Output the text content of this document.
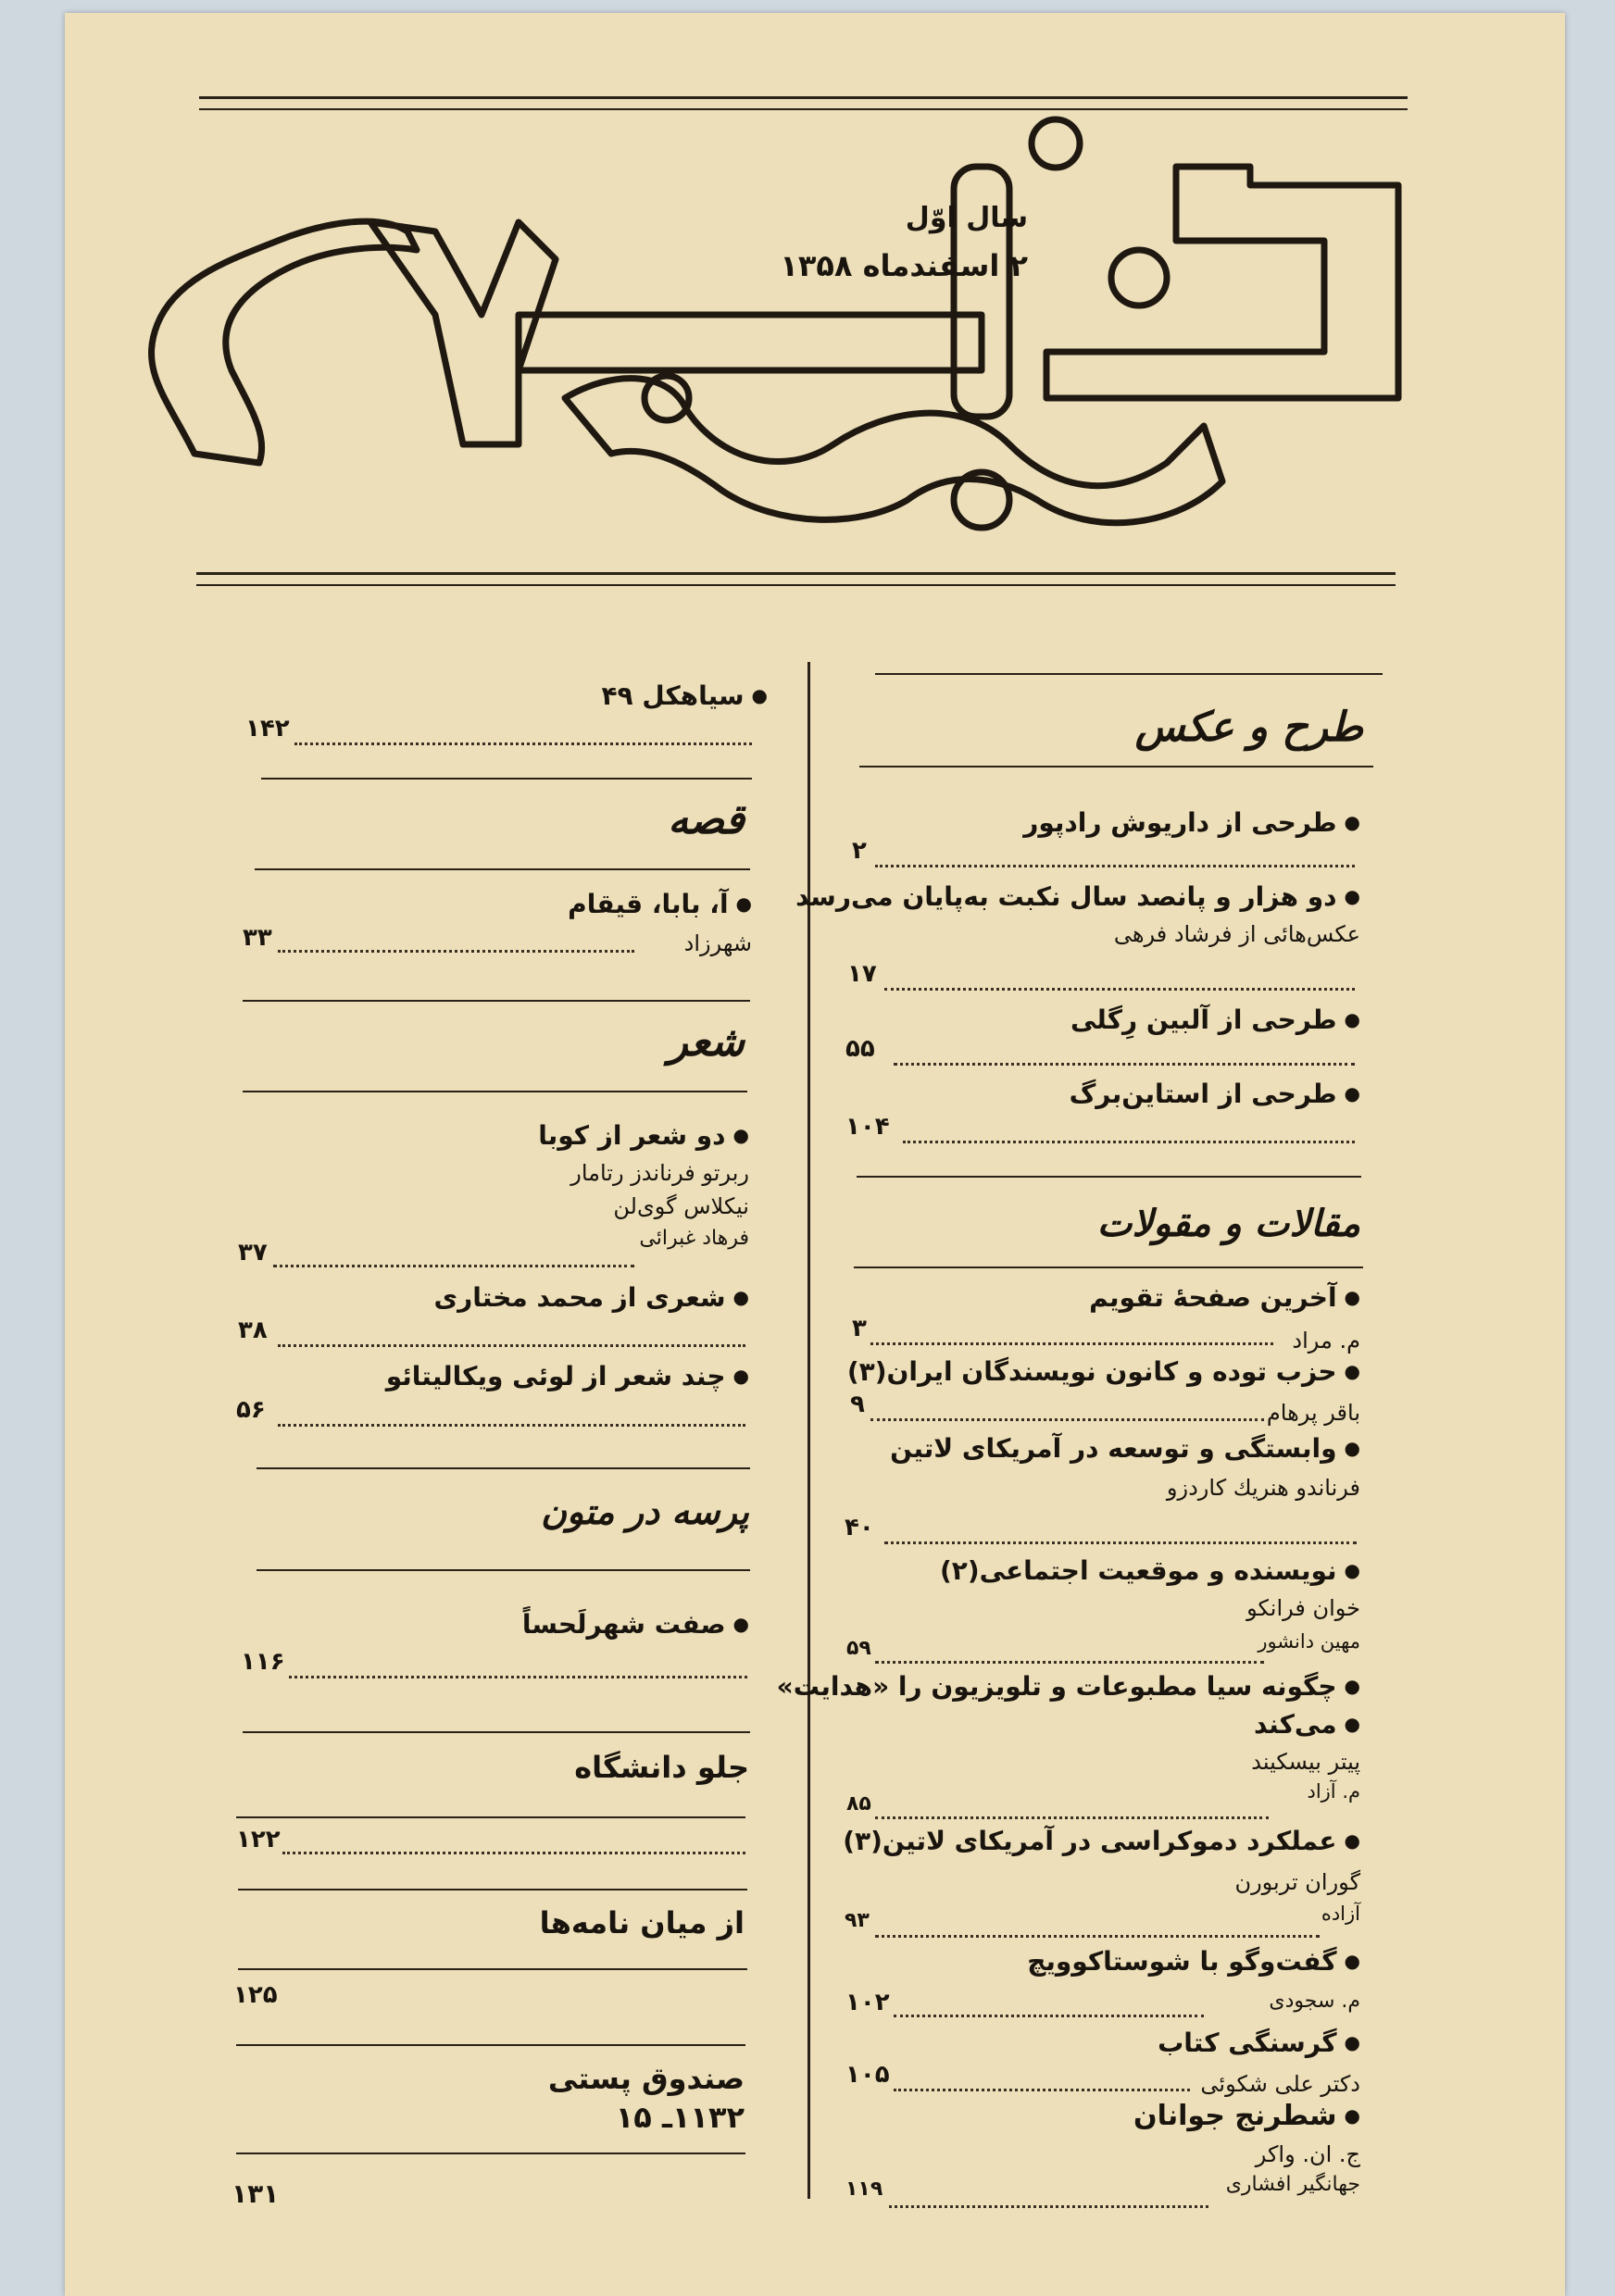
سال اوّل
۲ اسفندماه ۱۳۵۸
طرح و عکس
● طرحی از داریوش رادپور
۲
● دو هزار و پانصد سال نکبت به‌پایان می‌رسد
عکس‌هائی از فرشاد فرهی
۱۷
● طرحی از آلبین رِگلی
۵۵
● طرحی از استاین‌برگ
۱۰۴
مقالات و مقولات
● آخرین صفحهٔ تقویم
م. مراد
۳
● حزب توده و کانون نویسندگان ایران(۳)
باقر پرهام
۹
● وابستگی و توسعه در آمریکای لاتین
فرناندو هنریك کاردزو
۴۰
● نویسنده و موقعیت اجتماعی(۲)
خوان فرانکو
مهین دانشور
۵۹
● چگونه سیا مطبوعات و تلویزیون را «هدایت»
● می‌کند
پیتر بیسکیند
م. آزاد
۸۵
● عملکرد دموکراسی در آمریکای لاتین(۳)
گوران تربورن
آزاده
۹۳
● گفت‌وگو با شوستاکوویچ
م. سجودی
۱۰۲
● گرسنگی کتاب
دکتر علی شکوئی
۱۰۵
● شطرنج جوانان
ج. ان. واکر
جهانگیر افشاری
۱۱۹
● سیاهکل ۴۹
۱۴۲
قصه
● آ، بابا، قیقام
شهرزاد
۳۳
شعر
● دو شعر از کوبا
ربرتو فرناندز رتامار
نیکلاس گوی‌لن
فرهاد غبرائی
۳۷
● شعری از محمد مختاری
۳۸
● چند شعر از لوئی ویکالیتائو
۵۶
پرسه در متون
● صفت شهرلَحساً
۱۱۶
جلو دانشگاه
۱۲۲
از میان نامه‌ها
۱۲۵
صندوق پستی
۱۱۳۲ـ ۱۵
۱۳۱
